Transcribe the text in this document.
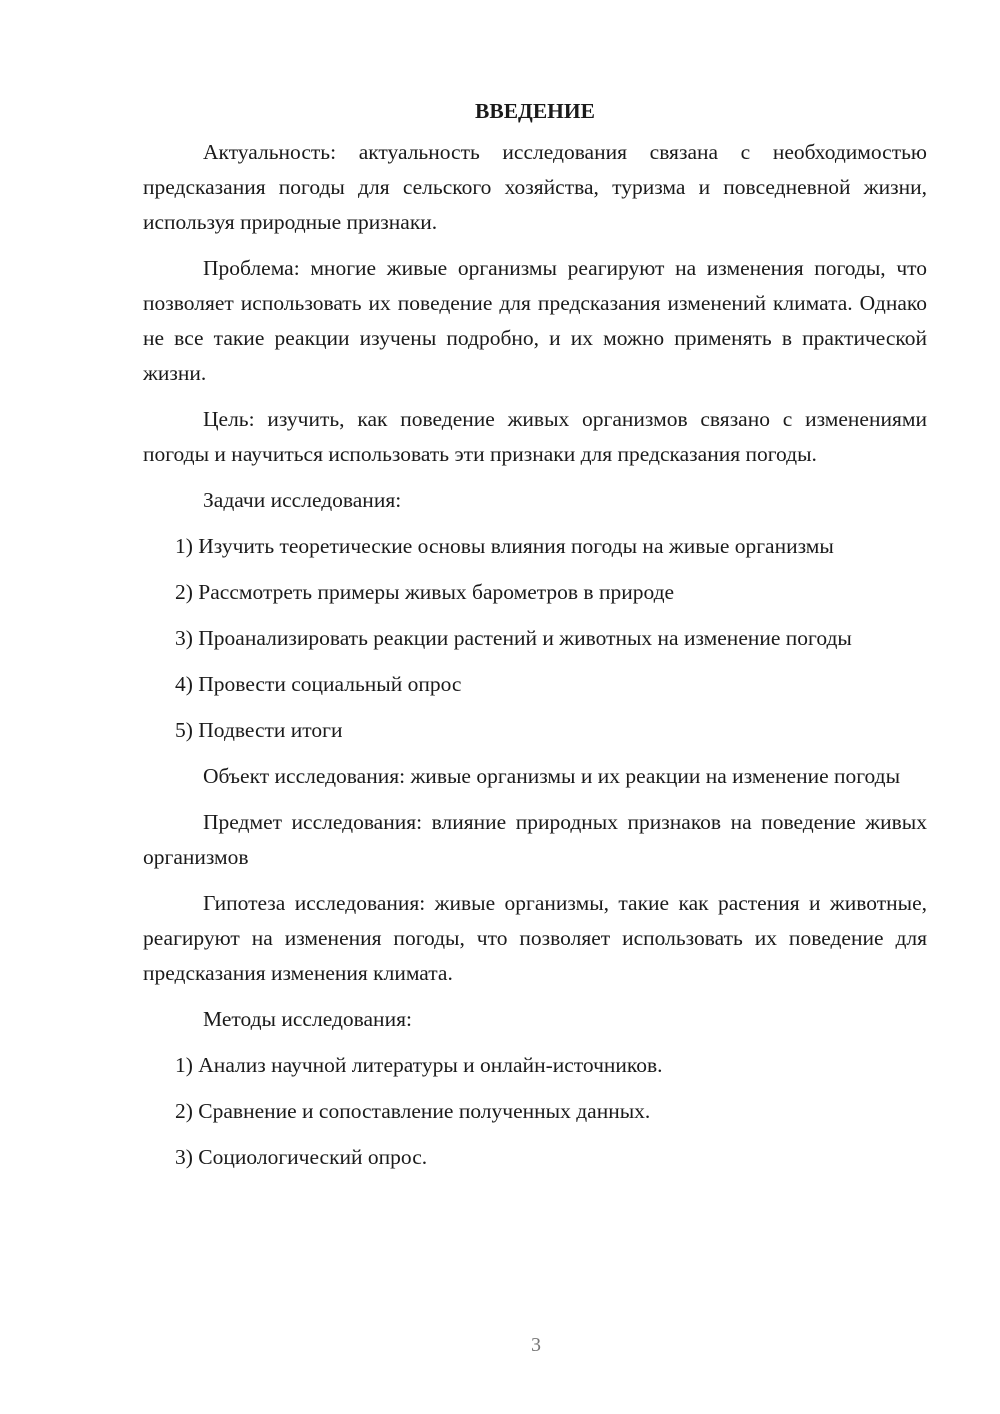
ВВЕДЕНИЕ

Актуальность: актуальность исследования связана с необходимостью предсказания погоды для сельского хозяйства, туризма и повседневной жизни, используя природные признаки.

Проблема: многие живые организмы реагируют на изменения погоды, что позволяет использовать их поведение для предсказания изменений климата. Однако не все такие реакции изучены подробно, и их можно применять в практической жизни.

Цель: изучить, как поведение живых организмов связано с изменениями погоды и научиться использовать эти признаки для предсказания погоды.

Задачи исследования:

1) Изучить теоретические основы влияния погоды на живые организмы

2) Рассмотреть примеры живых барометров в природе

3) Проанализировать реакции растений и животных на изменение погоды

4) Провести социальный опрос

5) Подвести итоги

Объект исследования: живые организмы и их реакции на изменение погоды

Предмет исследования: влияние природных признаков на поведение живых организмов

Гипотеза исследования: живые организмы, такие как растения и животные, реагируют на изменения погоды, что позволяет использовать их поведение для предсказания изменения климата.

Методы исследования:

1) Анализ научной литературы и онлайн-источников.

2) Сравнение и сопоставление полученных данных.

3) Социологический опрос.

3
